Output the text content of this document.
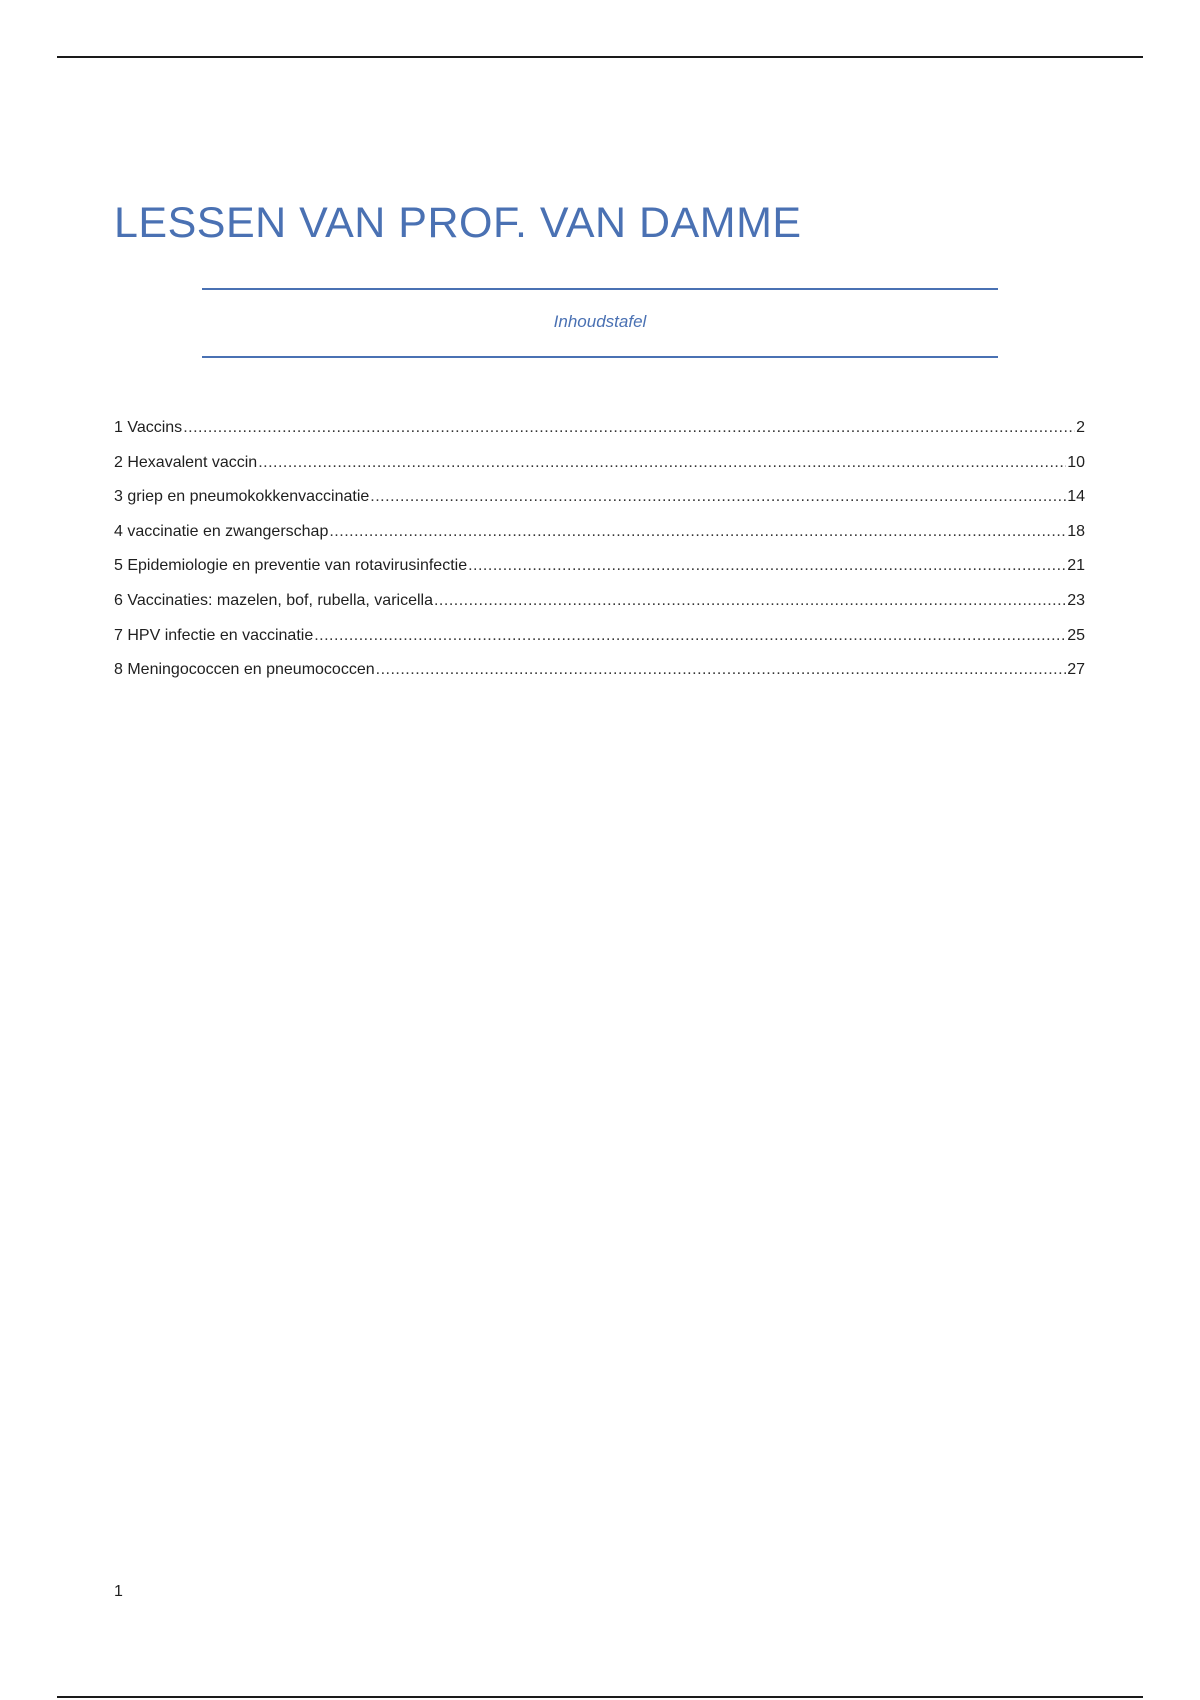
LESSEN VAN PROF. VAN DAMME
Inhoudstafel
1 Vaccins .....	2
2 Hexavalent vaccin .....	10
3 griep en pneumokokkenvaccinatie .....	14
4 vaccinatie en zwangerschap .....	18
5 Epidemiologie en preventie van rotavirusinfectie .....	21
6 Vaccinaties: mazelen, bof, rubella, varicella .....	23
7 HPV infectie en vaccinatie .....	25
8 Meningococcen en pneumococcen .....	27
1
